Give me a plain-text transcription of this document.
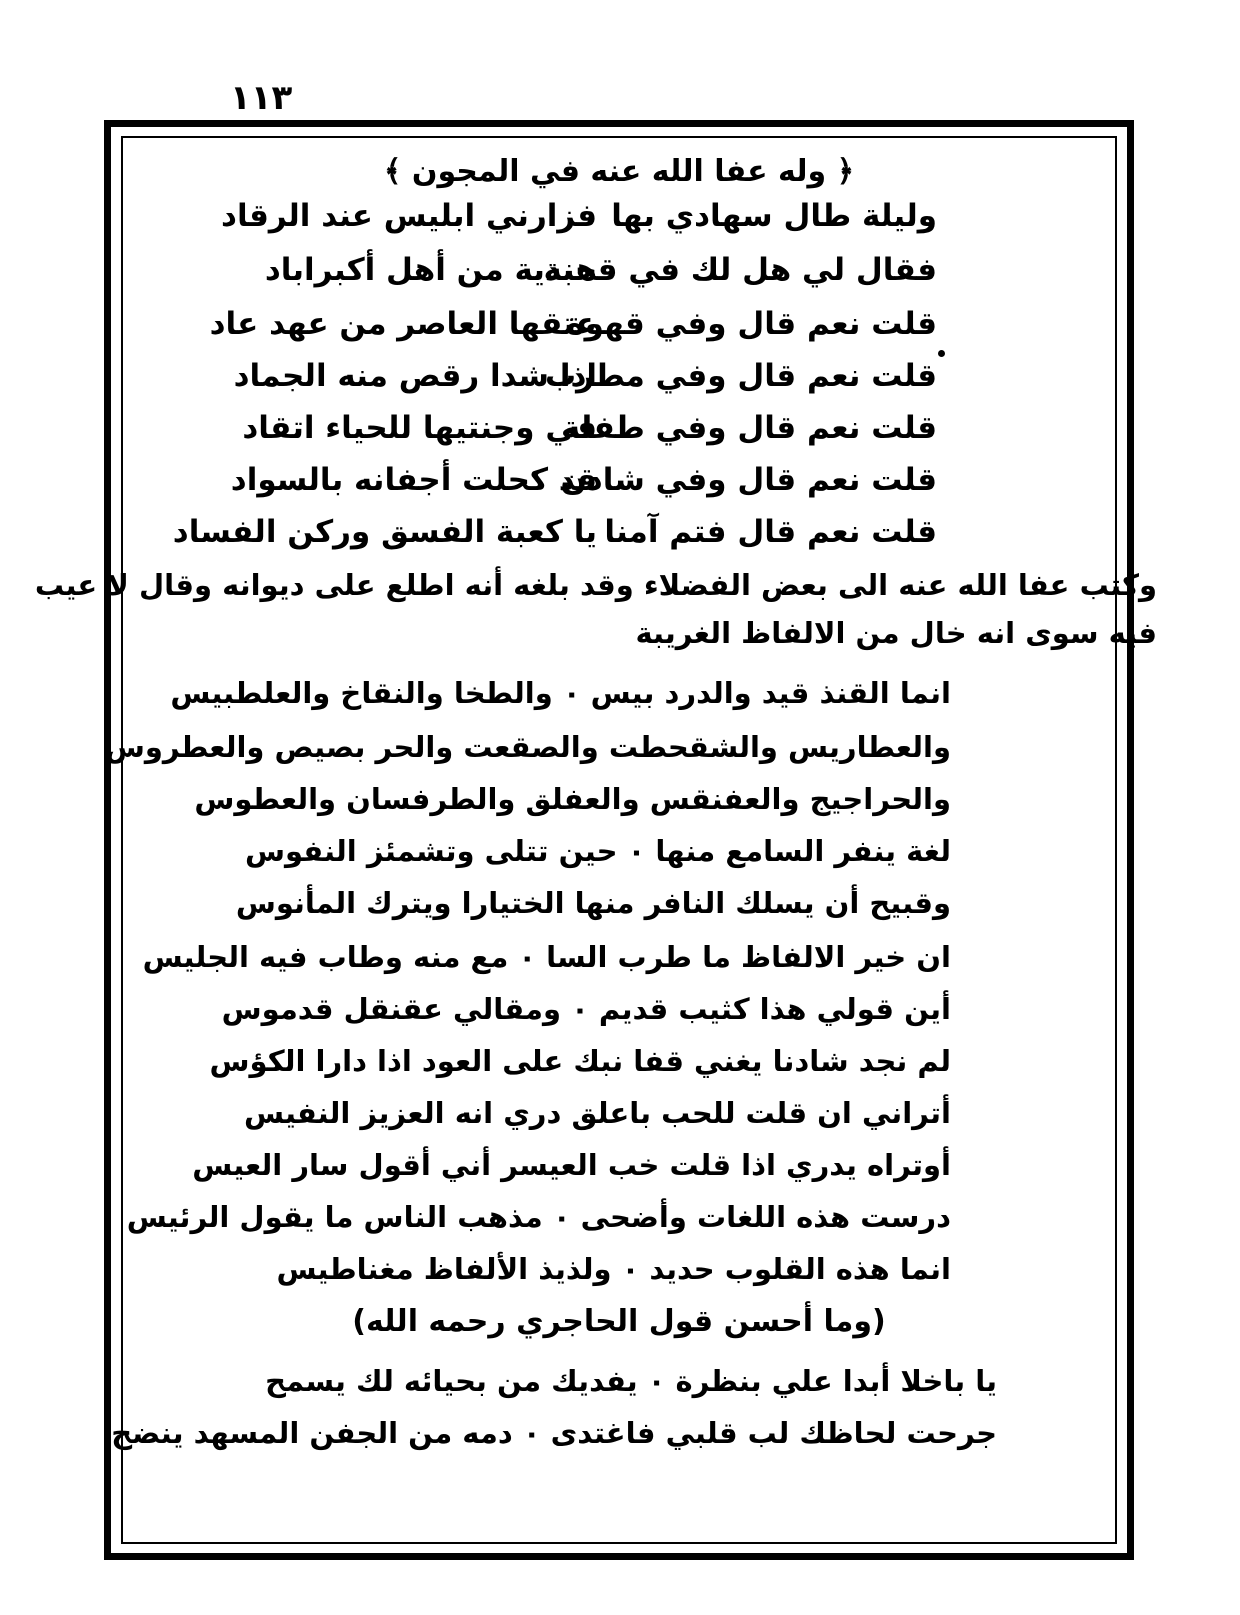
١١٣
﴿ وله عفا الله عنه في المجون ﴾
وليلة طال سهادي بها
فزارني ابليس عند الرقاد
فقال لي هل لك في قحبة
هندية من أهل أكبراباد
قلت نعم قال وفي قهوة
عتقها العاصر من عهد عاد
قلت نعم قال وفي مطرب
اذا شدا رقص منه الجماد
قلت نعم قال وفي طفلة
في وجنتيها للحياء اتقاد
قلت نعم قال وفي شادن
قد كحلت أجفانه بالسواد
قلت نعم قال فتم آمنا
يا كعبة الفسق وركن الفساد
وكتب عفا الله عنه الى بعض الفضلاء وقد بلغه أنه اطلع على ديوانه وقال لا عيب
فيه سوى انه خال من الالفاظ الغريبة
انما القنذ قيد والدرد بيس ۰ والطخا والنقاخ والعلطبيس
والعطاريس والشقحطت والصقعت والحر بصيص والعطروس
والحراجيج والعفنقس والعفلق والطرفسان والعطوس
لغة ينفر السامع منها ۰ حين تتلى وتشمئز النفوس
وقبيح أن يسلك النافر منها الختيارا ويترك المأنوس
ان خير الالفاظ ما طرب السا ۰ مع منه وطاب فيه الجليس
أين قولي هذا كثيب قديم ۰ ومقالي عقنقل قدموس
لم نجد شادنا يغني قفا نبك على العود اذا دارا الكؤس
أتراني ان قلت للحب باعلق دري انه العزيز النفيس
أوتراه يدري اذا قلت خب العيسر أني أقول سار العيس
درست هذه اللغات وأضحى ۰ مذهب الناس ما يقول الرئيس
انما هذه القلوب حديد ۰ ولذيذ الألفاظ مغناطيس
(وما أحسن قول الحاجري رحمه الله)
يا باخلا أبدا علي بنظرة ۰ يفديك من بحيائه لك يسمح
جرحت لحاظك لب قلبي فاغتدى ۰ دمه من الجفن المسهد ينضح
